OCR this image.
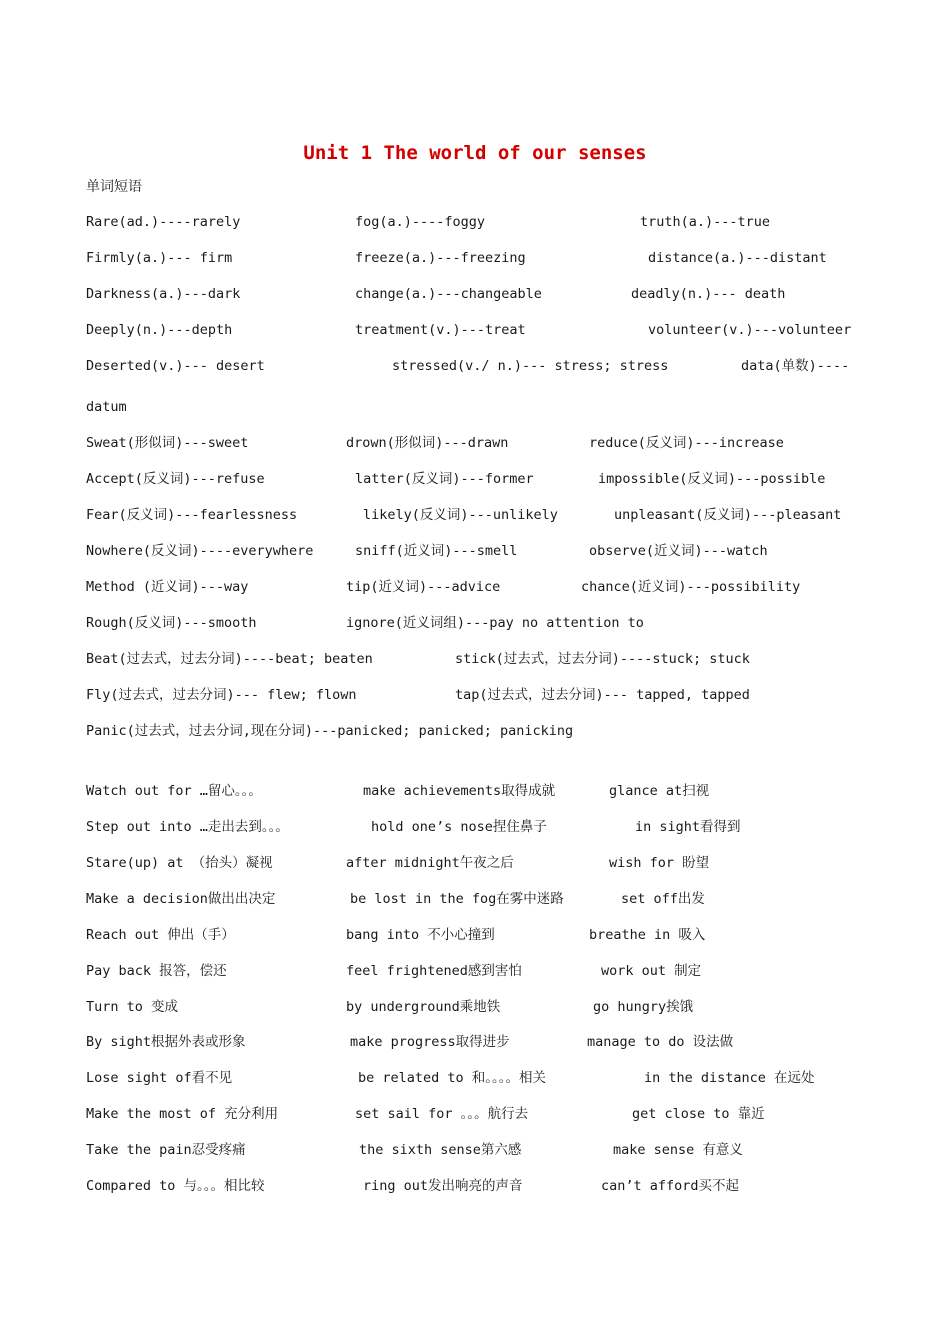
Unit 1 The world of our senses
单词短语
Rare(ad.)----rarely	fog(a.)----foggy	truth(a.)---true
Firmly(a.)--- firm	freeze(a.)---freezing	distance(a.)---distant
Darkness(a.)---dark	change(a.)---changeable	deadly(n.)--- death
Deeply(n.)---depth	treatment(v.)---treat	volunteer(v.)---volunteer
Deserted(v.)--- desert	stressed(v./ n.)--- stress; stress	data(单数)----
datum
Sweat(形似词)---sweet	drown(形似词)---drawn	reduce(反义词)---increase
Accept(反义词)---refuse	latter(反义词)---former	impossible(反义词)---possible
Fear(反义词)---fearlessness	likely(反义词)---unlikely	unpleasant(反义词)---pleasant
Nowhere(反义词)----everywhere	sniff(近义词)---smell	observe(近义词)---watch
Method (近义词)---way	tip(近义词)---advice	chance(近义词)---possibility
Rough(反义词)---smooth	ignore(近义词组)---pay no attention to
Beat(过去式，过去分词)----beat; beaten	stick(过去式，过去分词)----stuck; stuck
Fly(过去式，过去分词)--- flew; flown	tap(过去式，过去分词)--- tapped, tapped
Panic(过去式，过去分词,现在分词)---panicked; panicked; panicking
Watch out for …留心。。。	make achievements取得成就	glance at扫视
Step out into …走出去到。。。	hold one’s nose捏住鼻子	in sight看得到
Stare(up) at （抬头）凝视	after midnight午夜之后	wish for 盼望
Make a decision做出出决定	be lost in the fog在雾中迷路	set off出发
Reach out 伸出（手）	bang into 不小心撞到	breathe in 吸入
Pay back 报答，偿还	feel frightened感到害怕	work out 制定
Turn to 变成	by underground乘地铁	go hungry挨饿
By sight根据外表或形象	make progress取得进步	manage to do 设法做
Lose sight of看不见	be related to 和。。。。相关	in the distance 在远处
Make the most of 充分利用	set sail for 。。。航行去	get close to 靠近
Take the pain忍受疼痛	the sixth sense第六感	make sense 有意义
Compared to 与。。。相比较	ring out发出响亮的声音	can’t afford买不起
